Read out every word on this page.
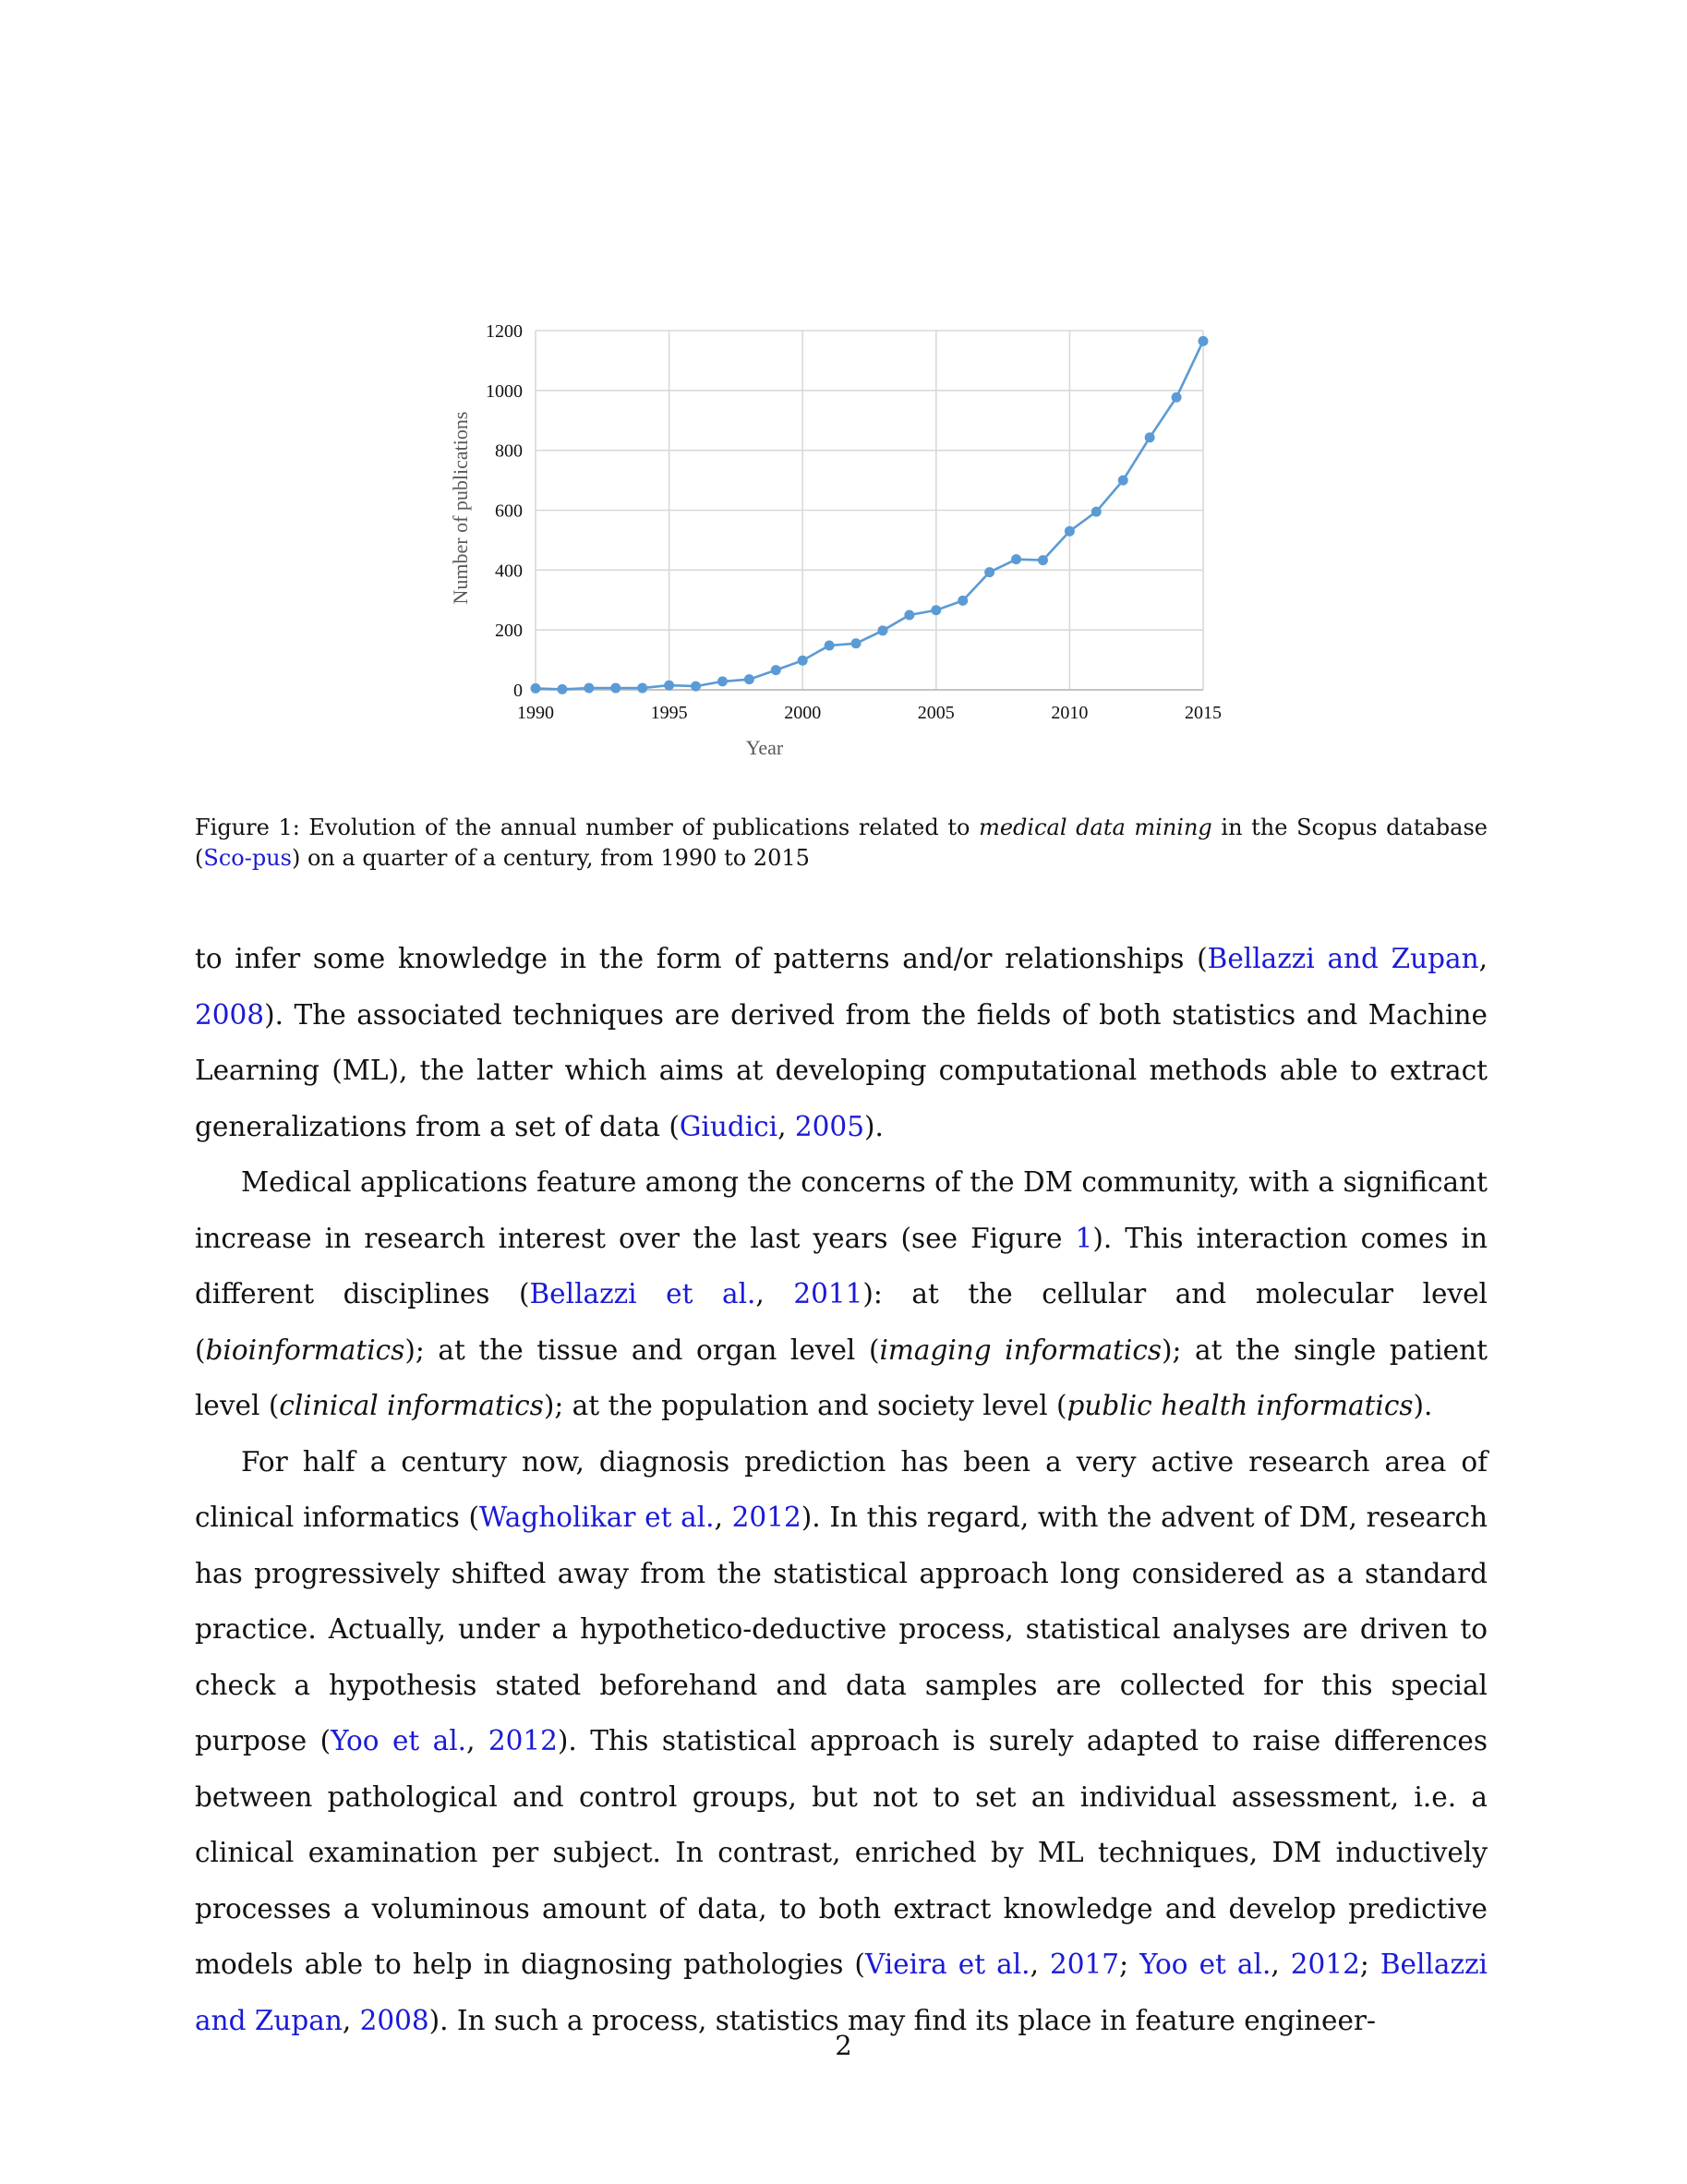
0
200
400
600
800
1000
1200
1990	1995	2000	2005	2010	2015
Number of publications
Year
Figure 1: Evolution of the annual number of publications related to medical data mining in the Scopus database (Sco-pus) on a quarter of a century, from 1990 to 2015

to infer some knowledge in the form of patterns and/or relationships (Bellazzi and Zupan, 2008). The associated techniques are derived from the fields of both statistics and Machine Learning (ML), the latter which aims at developing computational methods able to extract generalizations from a set of data (Giudici, 2005).

Medical applications feature among the concerns of the DM community, with a significant increase in research interest over the last years (see Figure 1). This interaction comes in different disciplines (Bellazzi et al., 2011): at the cellular and molecular level (bioinformatics); at the tissue and organ level (imaging informatics); at the single patient level (clinical informatics); at the population and society level (public health informatics).

For half a century now, diagnosis prediction has been a very active research area of clinical informatics (Wagholikar et al., 2012). In this regard, with the advent of DM, research has progressively shifted away from the statistical approach long considered as a standard practice. Actually, under a hypothetico-deductive process, statistical analyses are driven to check a hypothesis stated beforehand and data samples are collected for this special purpose (Yoo et al., 2012). This statistical approach is surely adapted to raise differences between pathological and control groups, but not to set an individual assessment, i.e. a clinical examination per subject. In contrast, enriched by ML techniques, DM inductively processes a voluminous amount of data, to both extract knowledge and develop predictive models able to help in diagnosing pathologies (Vieira et al., 2017; Yoo et al., 2012; Bellazzi and Zupan, 2008). In such a process, statistics may find its place in feature engineer-

2
